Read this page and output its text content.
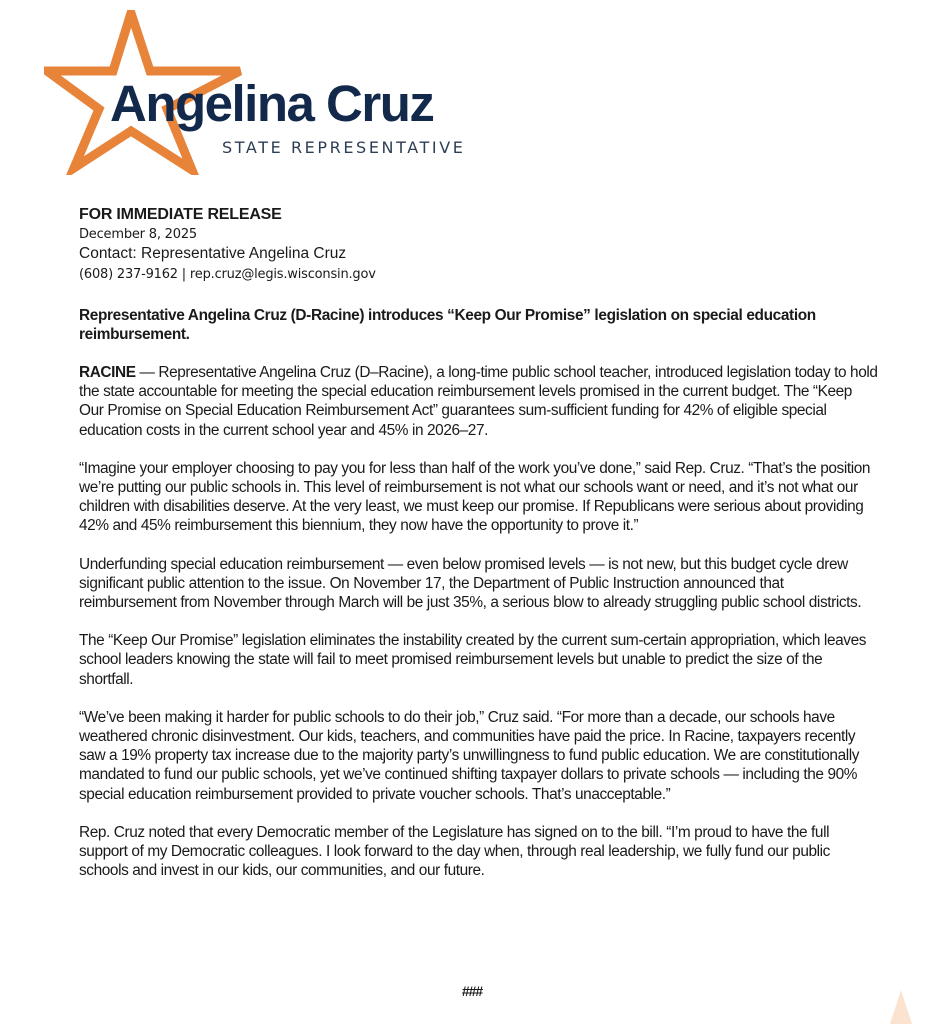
Angelina Cruz
STATE REPRESENTATIVE
FOR IMMEDIATE RELEASE
December 8, 2025
Contact: Representative Angelina Cruz
(608) 237-9162 | rep.cruz@legis.wisconsin.gov

Representative Angelina Cruz (D-Racine) introduces “Keep Our Promise” legislation on special education reimbursement.

RACINE — Representative Angelina Cruz (D–Racine), a long-time public school teacher, introduced legislation today to hold the state accountable for meeting the special education reimbursement levels promised in the current budget. The “Keep Our Promise on Special Education Reimbursement Act” guarantees sum-sufficient funding for 42% of eligible special education costs in the current school year and 45% in 2026–27.

“Imagine your employer choosing to pay you for less than half of the work you’ve done,” said Rep. Cruz. “That’s the position we’re putting our public schools in. This level of reimbursement is not what our schools want or need, and it’s not what our children with disabilities deserve. At the very least, we must keep our promise. If Republicans were serious about providing 42% and 45% reimbursement this biennium, they now have the opportunity to prove it.”

Underfunding special education reimbursement — even below promised levels — is not new, but this budget cycle drew significant public attention to the issue. On November 17, the Department of Public Instruction announced that reimbursement from November through March will be just 35%, a serious blow to already struggling public school districts.

The “Keep Our Promise” legislation eliminates the instability created by the current sum-certain appropriation, which leaves school leaders knowing the state will fail to meet promised reimbursement levels but unable to predict the size of the shortfall.

“We’ve been making it harder for public schools to do their job,” Cruz said. “For more than a decade, our schools have weathered chronic disinvestment. Our kids, teachers, and communities have paid the price. In Racine, taxpayers recently saw a 19% property tax increase due to the majority party’s unwillingness to fund public education. We are constitutionally mandated to fund our public schools, yet we’ve continued shifting taxpayer dollars to private schools — including the 90% special education reimbursement provided to private voucher schools. That’s unacceptable.”

Rep. Cruz noted that every Democratic member of the Legislature has signed on to the bill. “I’m proud to have the full support of my Democratic colleagues. I look forward to the day when, through real leadership, we fully fund our public schools and invest in our kids, our communities, and our future.

###
